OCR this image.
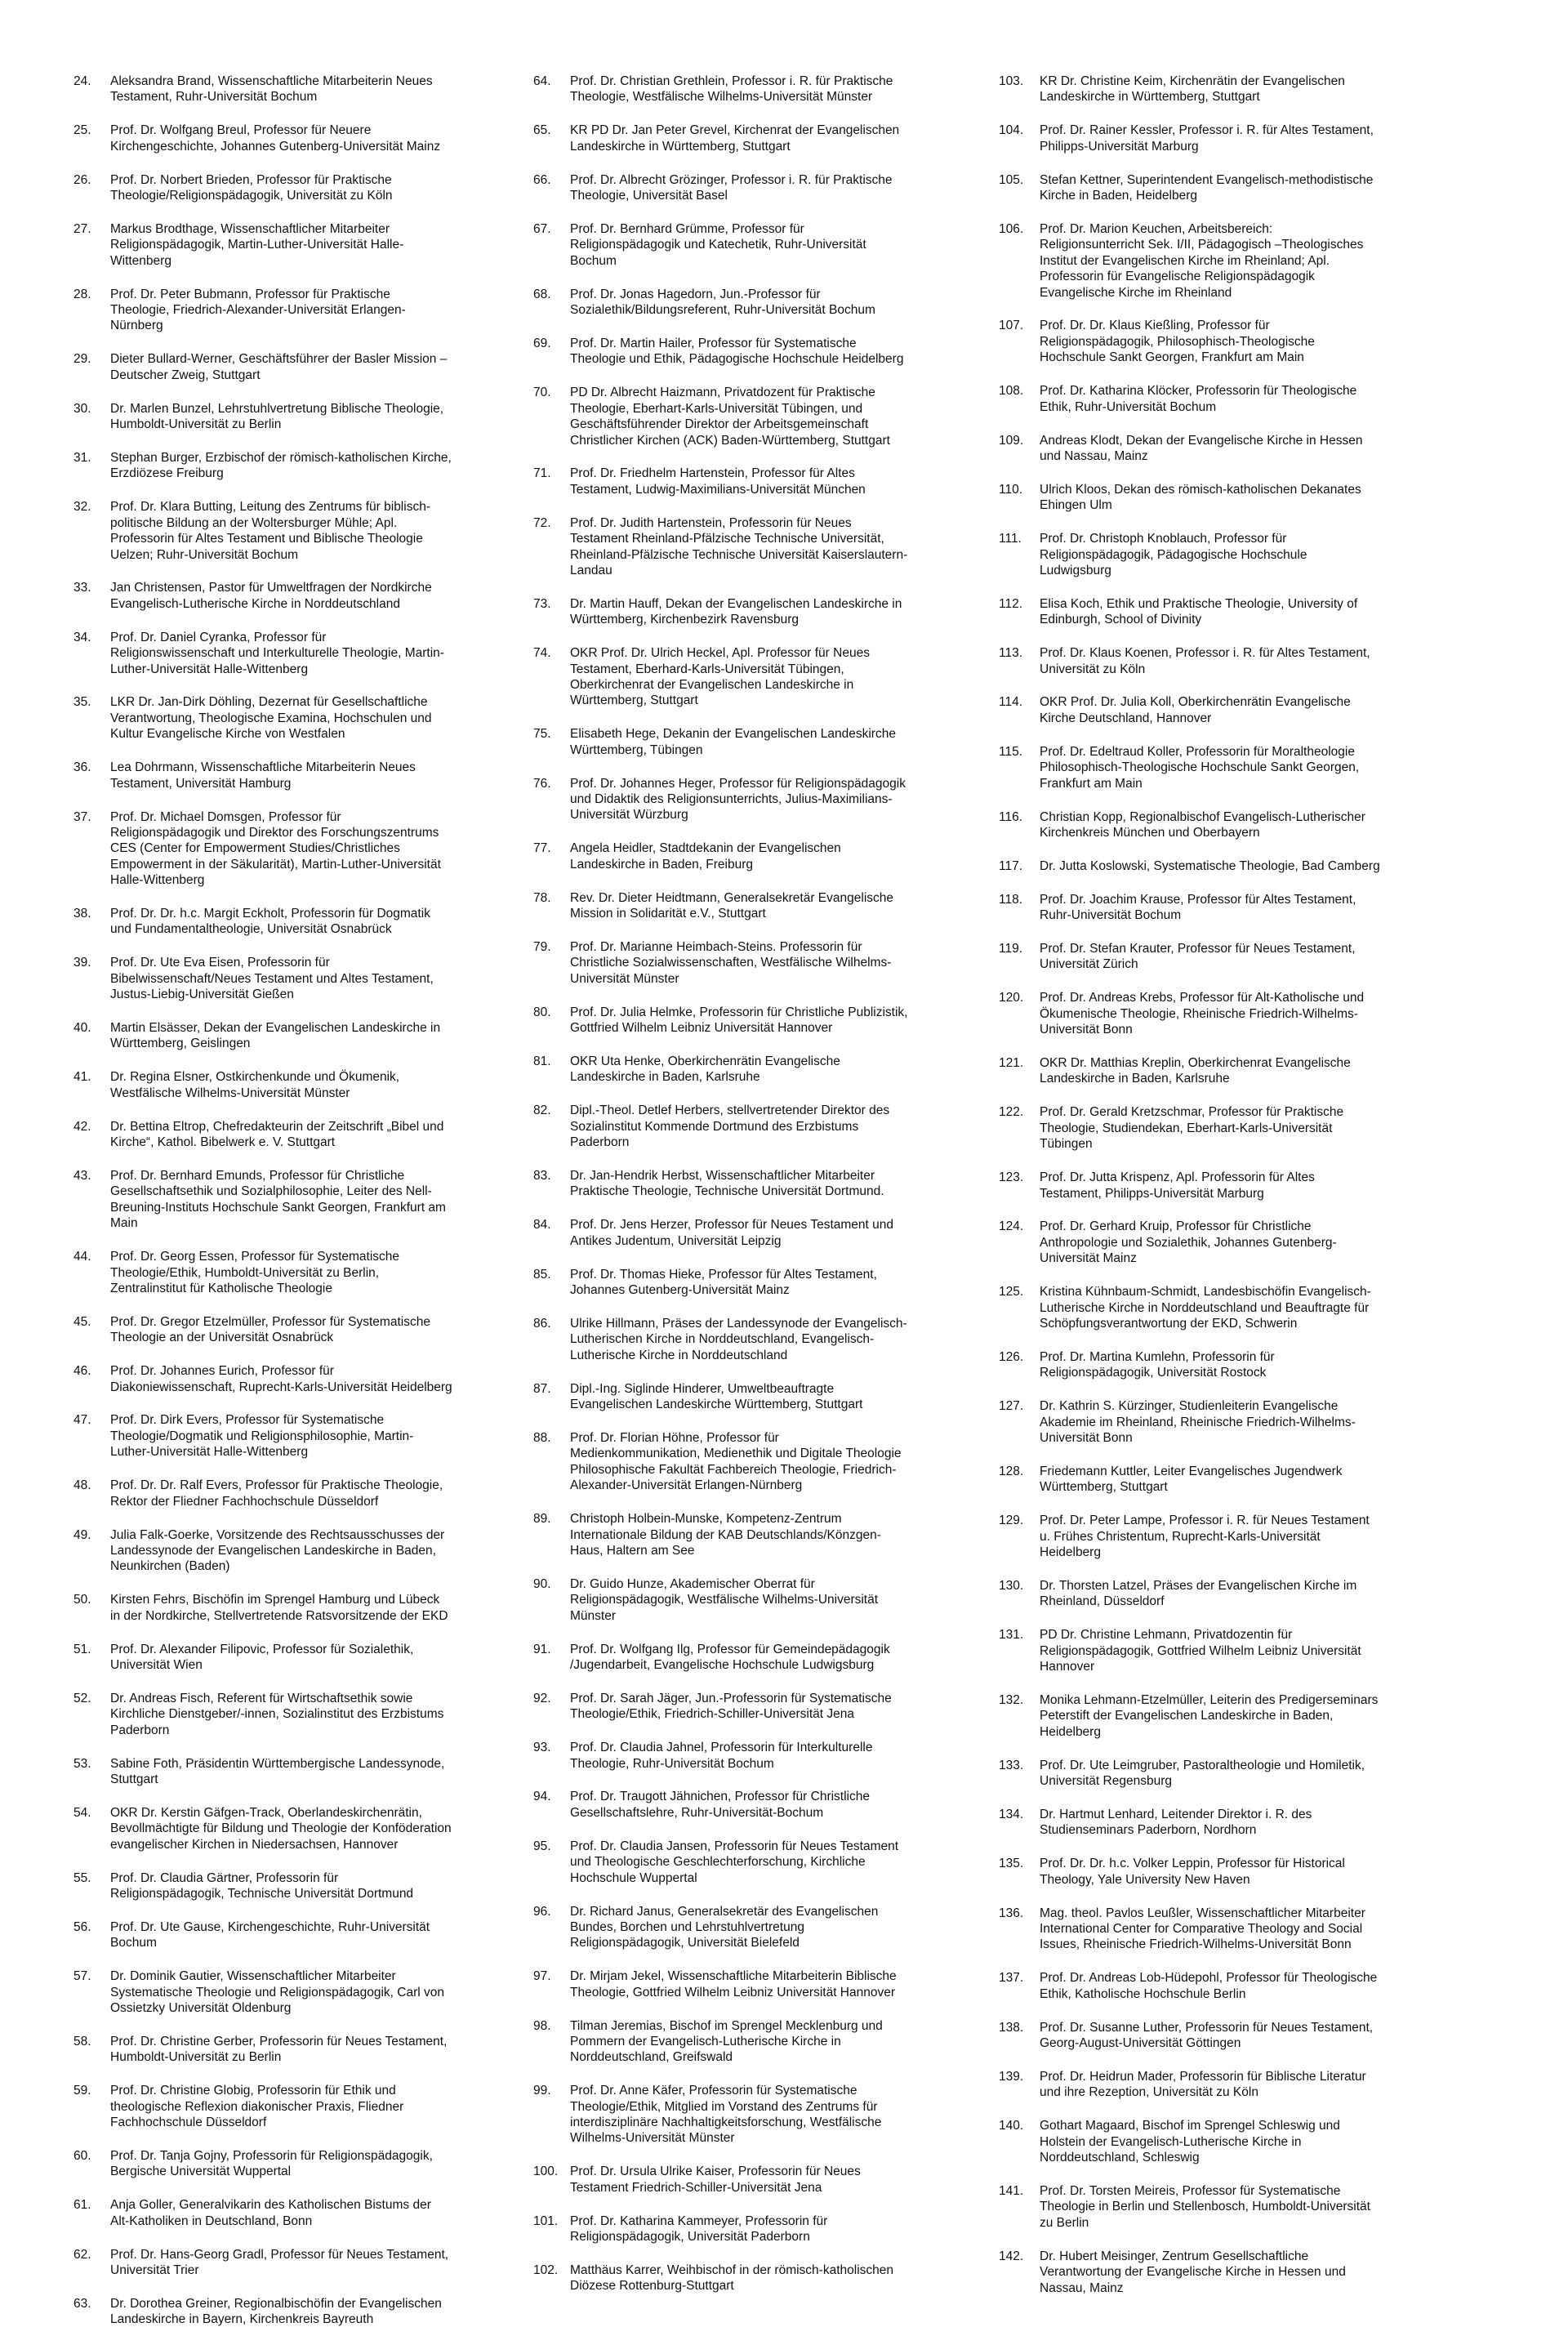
24.	Aleksandra Brand, Wissenschaftliche Mitarbeiterin Neues
Testament, Ruhr-Universität Bochum
25.	Prof. Dr. Wolfgang Breul, Professor für Neuere
Kirchengeschichte, Johannes Gutenberg-Universität Mainz
26.	Prof. Dr. Norbert Brieden, Professor für Praktische
Theologie/Religionspädagogik, Universität zu Köln
27.	Markus Brodthage, Wissenschaftlicher Mitarbeiter
Religionspädagogik, Martin-Luther-Universität Halle-
Wittenberg
28.	Prof. Dr. Peter Bubmann, Professor für Praktische
Theologie, Friedrich-Alexander-Universität Erlangen-
Nürnberg
29.	Dieter Bullard-Werner, Geschäftsführer der Basler Mission –
Deutscher Zweig, Stuttgart
30.	Dr. Marlen Bunzel, Lehrstuhlvertretung Biblische Theologie,
Humboldt-Universität zu Berlin
31.	Stephan Burger, Erzbischof der römisch-katholischen Kirche,
Erzdiözese Freiburg
32.	Prof. Dr. Klara Butting, Leitung des Zentrums für biblisch-
politische Bildung an der Woltersburger Mühle; Apl.
Professorin für Altes Testament und Biblische Theologie
Uelzen; Ruhr-Universität Bochum
33.	Jan Christensen, Pastor für Umweltfragen der Nordkirche
Evangelisch-Lutherische Kirche in Norddeutschland
34.	Prof. Dr. Daniel Cyranka, Professor für
Religionswissenschaft und Interkulturelle Theologie, Martin-
Luther-Universität Halle-Wittenberg
35.	LKR Dr. Jan-Dirk Döhling, Dezernat für Gesellschaftliche
Verantwortung, Theologische Examina, Hochschulen und
Kultur Evangelische Kirche von Westfalen
36.	Lea Dohrmann, Wissenschaftliche Mitarbeiterin Neues
Testament, Universität Hamburg
37.	Prof. Dr. Michael Domsgen, Professor für
Religionspädagogik und Direktor des Forschungszentrums
CES (Center for Empowerment Studies/Christliches
Empowerment in der Säkularität), Martin-Luther-Universität
Halle-Wittenberg
38.	Prof. Dr. Dr. h.c. Margit Eckholt, Professorin für Dogmatik
und Fundamentaltheologie, Universität Osnabrück
39.	Prof. Dr. Ute Eva Eisen, Professorin für
Bibelwissenschaft/Neues Testament und Altes Testament,
Justus-Liebig-Universität Gießen
40.	Martin Elsässer, Dekan der Evangelischen Landeskirche in
Württemberg, Geislingen
41.	Dr. Regina Elsner, Ostkirchenkunde und Ökumenik,
Westfälische Wilhelms-Universität Münster
42.	Dr. Bettina Eltrop, Chefredakteurin der Zeitschrift „Bibel und
Kirche“, Kathol. Bibelwerk e. V. Stuttgart
43.	Prof. Dr. Bernhard Emunds, Professor für Christliche
Gesellschaftsethik und Sozialphilosophie, Leiter des Nell-
Breuning-Instituts Hochschule Sankt Georgen, Frankfurt am
Main
44.	Prof. Dr. Georg Essen, Professor für Systematische
Theologie/Ethik, Humboldt-Universität zu Berlin,
Zentralinstitut für Katholische Theologie
45.	Prof. Dr. Gregor Etzelmüller, Professor für Systematische
Theologie an der Universität Osnabrück
46.	Prof. Dr. Johannes Eurich, Professor für
Diakoniewissenschaft, Ruprecht-Karls-Universität Heidelberg
47.	Prof. Dr. Dirk Evers, Professor für Systematische
Theologie/Dogmatik und Religionsphilosophie, Martin-
Luther-Universität Halle-Wittenberg
48.	Prof. Dr. Dr. Ralf Evers, Professor für Praktische Theologie,
Rektor der Fliedner Fachhochschule Düsseldorf
49.	Julia Falk-Goerke, Vorsitzende des Rechtsausschusses der
Landessynode der Evangelischen Landeskirche in Baden,
Neunkirchen (Baden)
50.	Kirsten Fehrs, Bischöfin im Sprengel Hamburg und Lübeck
in der Nordkirche, Stellvertretende Ratsvorsitzende der EKD
51.	Prof. Dr. Alexander Filipovic, Professor für Sozialethik,
Universität Wien
52.	Dr. Andreas Fisch, Referent für Wirtschaftsethik sowie
Kirchliche Dienstgeber/-innen, Sozialinstitut des Erzbistums
Paderborn
53.	Sabine Foth, Präsidentin Württembergische Landessynode,
Stuttgart
54.	OKR Dr. Kerstin Gäfgen-Track, Oberlandeskirchenrätin,
Bevollmächtigte für Bildung und Theologie der Konföderation
evangelischer Kirchen in Niedersachsen, Hannover
55.	Prof. Dr. Claudia Gärtner, Professorin für
Religionspädagogik, Technische Universität Dortmund
56.	Prof. Dr. Ute Gause, Kirchengeschichte, Ruhr-Universität
Bochum
57.	Dr. Dominik Gautier, Wissenschaftlicher Mitarbeiter
Systematische Theologie und Religionspädagogik, Carl von
Ossietzky Universität Oldenburg
58.	Prof. Dr. Christine Gerber, Professorin für Neues Testament,
Humboldt-Universität zu Berlin
59.	Prof. Dr. Christine Globig, Professorin für Ethik und
theologische Reflexion diakonischer Praxis, Fliedner
Fachhochschule Düsseldorf
60.	Prof. Dr. Tanja Gojny, Professorin für Religionspädagogik,
Bergische Universität Wuppertal
61.	Anja Goller, Generalvikarin des Katholischen Bistums der
Alt-Katholiken in Deutschland, Bonn
62.	Prof. Dr. Hans-Georg Gradl, Professor für Neues Testament,
Universität Trier
63.	Dr. Dorothea Greiner, Regionalbischöfin der Evangelischen
Landeskirche in Bayern, Kirchenkreis Bayreuth
64.	Prof. Dr. Christian Grethlein, Professor i. R. für Praktische
Theologie, Westfälische Wilhelms-Universität Münster
65.	KR PD Dr. Jan Peter Grevel, Kirchenrat der Evangelischen
Landeskirche in Württemberg, Stuttgart
66.	Prof. Dr. Albrecht Grözinger, Professor i. R. für Praktische
Theologie, Universität Basel
67.	Prof. Dr. Bernhard Grümme, Professor für
Religionspädagogik und Katechetik, Ruhr-Universität
Bochum
68.	Prof. Dr. Jonas Hagedorn, Jun.-Professor für
Sozialethik/Bildungsreferent, Ruhr-Universität Bochum
69.	Prof. Dr. Martin Hailer, Professor für Systematische
Theologie und Ethik, Pädagogische Hochschule Heidelberg
70.	PD Dr. Albrecht Haizmann, Privatdozent für Praktische
Theologie, Eberhart-Karls-Universität Tübingen, und
Geschäftsführender Direktor der Arbeitsgemeinschaft
Christlicher Kirchen (ACK) Baden-Württemberg, Stuttgart
71.	Prof. Dr. Friedhelm Hartenstein, Professor für Altes
Testament, Ludwig-Maximilians-Universität München
72.	Prof. Dr. Judith Hartenstein, Professorin für Neues
Testament Rheinland-Pfälzische Technische Universität,
Rheinland-Pfälzische Technische Universität Kaiserslautern-
Landau
73.	Dr. Martin Hauff, Dekan der Evangelischen Landeskirche in
Württemberg, Kirchenbezirk Ravensburg
74.	OKR Prof. Dr. Ulrich Heckel, Apl. Professor für Neues
Testament, Eberhard-Karls-Universität Tübingen,
Oberkirchenrat der Evangelischen Landeskirche in
Württemberg, Stuttgart
75.	Elisabeth Hege, Dekanin der Evangelischen Landeskirche
Württemberg, Tübingen
76.	Prof. Dr. Johannes Heger, Professor für Religionspädagogik
und Didaktik des Religionsunterrichts, Julius-Maximilians-
Universität Würzburg
77.	Angela Heidler, Stadtdekanin der Evangelischen
Landeskirche in Baden, Freiburg
78.	Rev. Dr. Dieter Heidtmann, Generalsekretär Evangelische
Mission in Solidarität e.V., Stuttgart
79.	Prof. Dr. Marianne Heimbach-Steins. Professorin für
Christliche Sozialwissenschaften, Westfälische Wilhelms-
Universität Münster
80.	Prof. Dr. Julia Helmke, Professorin für Christliche Publizistik,
Gottfried Wilhelm Leibniz Universität Hannover
81.	OKR Uta Henke, Oberkirchenrätin Evangelische
Landeskirche in Baden, Karlsruhe
82.	Dipl.-Theol. Detlef Herbers, stellvertretender Direktor des
Sozialinstitut Kommende Dortmund des Erzbistums
Paderborn
83.	Dr. Jan-Hendrik Herbst, Wissenschaftlicher Mitarbeiter
Praktische Theologie, Technische Universität Dortmund.
84.	Prof. Dr. Jens Herzer, Professor für Neues Testament und
Antikes Judentum, Universität Leipzig
85.	Prof. Dr. Thomas Hieke, Professor für Altes Testament,
Johannes Gutenberg-Universität Mainz
86.	Ulrike Hillmann, Präses der Landessynode der Evangelisch-
Lutherischen Kirche in Norddeutschland, Evangelisch-
Lutherische Kirche in Norddeutschland
87.	Dipl.-Ing. Siglinde Hinderer, Umweltbeauftragte
Evangelischen Landeskirche Württemberg, Stuttgart
88.	Prof. Dr. Florian Höhne, Professor für
Medienkommunikation, Medienethik und Digitale Theologie
Philosophische Fakultät Fachbereich Theologie, Friedrich-
Alexander-Universität Erlangen-Nürnberg
89.	Christoph Holbein-Munske, Kompetenz-Zentrum
Internationale Bildung der KAB Deutschlands/Könzgen-
Haus, Haltern am See
90.	Dr. Guido Hunze, Akademischer Oberrat für
Religionspädagogik, Westfälische Wilhelms-Universität
Münster
91.	Prof. Dr. Wolfgang Ilg, Professor für Gemeindepädagogik
/Jugendarbeit, Evangelische Hochschule Ludwigsburg
92.	Prof. Dr. Sarah Jäger, Jun.-Professorin für Systematische
Theologie/Ethik, Friedrich-Schiller-Universität Jena
93.	Prof. Dr. Claudia Jahnel, Professorin für Interkulturelle
Theologie, Ruhr-Universität Bochum
94.	Prof. Dr. Traugott Jähnichen, Professor für Christliche
Gesellschaftslehre, Ruhr-Universität-Bochum
95.	Prof. Dr. Claudia Jansen, Professorin für Neues Testament
und Theologische Geschlechterforschung, Kirchliche
Hochschule Wuppertal
96.	Dr. Richard Janus, Generalsekretär des Evangelischen
Bundes, Borchen und Lehrstuhlvertretung
Religionspädagogik, Universität Bielefeld
97.	Dr. Mirjam Jekel, Wissenschaftliche Mitarbeiterin Biblische
Theologie, Gottfried Wilhelm Leibniz Universität Hannover
98.	Tilman Jeremias, Bischof im Sprengel Mecklenburg und
Pommern der Evangelisch-Lutherische Kirche in
Norddeutschland, Greifswald
99.	Prof. Dr. Anne Käfer, Professorin für Systematische
Theologie/Ethik, Mitglied im Vorstand des Zentrums für
interdisziplinäre Nachhaltigkeitsforschung, Westfälische
Wilhelms-Universität Münster
100. Prof. Dr. Ursula Ulrike Kaiser, Professorin für Neues
Testament Friedrich-Schiller-Universität Jena
101. Prof. Dr. Katharina Kammeyer, Professorin für
Religionspädagogik, Universität Paderborn
102. Matthäus Karrer, Weihbischof in der römisch-katholischen
Diözese Rottenburg-Stuttgart
103.	KR Dr. Christine Keim, Kirchenrätin der Evangelischen
Landeskirche in Württemberg, Stuttgart
104.	Prof. Dr. Rainer Kessler, Professor i. R. für Altes Testament,
Philipps-Universität Marburg
105.	Stefan Kettner, Superintendent Evangelisch-methodistische
Kirche in Baden, Heidelberg
106.	Prof. Dr. Marion Keuchen, Arbeitsbereich:
Religionsunterricht Sek. I/II, Pädagogisch –Theologisches
Institut der Evangelischen Kirche im Rheinland; Apl.
Professorin für Evangelische Religionspädagogik
Evangelische Kirche im Rheinland
107.	Prof. Dr. Dr. Klaus Kießling, Professor für
Religionspädagogik, Philosophisch-Theologische
Hochschule Sankt Georgen, Frankfurt am Main
108.	Prof. Dr. Katharina Klöcker, Professorin für Theologische
Ethik, Ruhr-Universität Bochum
109.	Andreas Klodt, Dekan der Evangelische Kirche in Hessen
und Nassau, Mainz
110.	Ulrich Kloos, Dekan des römisch-katholischen Dekanates
Ehingen Ulm
111.	Prof. Dr. Christoph Knoblauch, Professor für
Religionspädagogik, Pädagogische Hochschule
Ludwigsburg
112.	Elisa Koch, Ethik und Praktische Theologie, University of
Edinburgh, School of Divinity
113.	Prof. Dr. Klaus Koenen, Professor i. R. für Altes Testament,
Universität zu Köln
114.	OKR Prof. Dr. Julia Koll, Oberkirchenrätin Evangelische
Kirche Deutschland, Hannover
115.	Prof. Dr. Edeltraud Koller, Professorin für Moraltheologie
Philosophisch-Theologische Hochschule Sankt Georgen,
Frankfurt am Main
116.	Christian Kopp, Regionalbischof Evangelisch-Lutherischer
Kirchenkreis München und Oberbayern
117.	Dr. Jutta Koslowski, Systematische Theologie, Bad Camberg
118.	Prof. Dr. Joachim Krause, Professor für Altes Testament,
Ruhr-Universität Bochum
119.	Prof. Dr. Stefan Krauter, Professor für Neues Testament,
Universität Zürich
120.	Prof. Dr. Andreas Krebs, Professor für Alt-Katholische und
Ökumenische Theologie, Rheinische Friedrich-Wilhelms-
Universität Bonn
121.	OKR Dr. Matthias Kreplin, Oberkirchenrat Evangelische
Landeskirche in Baden, Karlsruhe
122.	Prof. Dr. Gerald Kretzschmar, Professor für Praktische
Theologie, Studiendekan, Eberhart-Karls-Universität
Tübingen
123.	Prof. Dr. Jutta Krispenz, Apl. Professorin für Altes
Testament, Philipps-Universität Marburg
124.	Prof. Dr. Gerhard Kruip, Professor für Christliche
Anthropologie und Sozialethik, Johannes Gutenberg-
Universität Mainz
125.	Kristina Kühnbaum-Schmidt, Landesbischöfin Evangelisch-
Lutherische Kirche in Norddeutschland und Beauftragte für
Schöpfungsverantwortung der EKD, Schwerin
126.	Prof. Dr. Martina Kumlehn, Professorin für
Religionspädagogik, Universität Rostock
127.	Dr. Kathrin S. Kürzinger, Studienleiterin Evangelische
Akademie im Rheinland, Rheinische Friedrich-Wilhelms-
Universität Bonn
128.	Friedemann Kuttler, Leiter Evangelisches Jugendwerk
Württemberg, Stuttgart
129.	Prof. Dr. Peter Lampe, Professor i. R. für Neues Testament
u. Frühes Christentum, Ruprecht-Karls-Universität
Heidelberg
130.	Dr. Thorsten Latzel, Präses der Evangelischen Kirche im
Rheinland, Düsseldorf
131.	PD Dr. Christine Lehmann, Privatdozentin für
Religionspädagogik, Gottfried Wilhelm Leibniz Universität
Hannover
132.	Monika Lehmann-Etzelmüller, Leiterin des Predigerseminars
Peterstift der Evangelischen Landeskirche in Baden,
Heidelberg
133.	Prof. Dr. Ute Leimgruber, Pastoraltheologie und Homiletik,
Universität Regensburg
134.	Dr. Hartmut Lenhard, Leitender Direktor i. R. des
Studienseminars Paderborn, Nordhorn
135.	Prof. Dr. Dr. h.c. Volker Leppin, Professor für Historical
Theology, Yale University New Haven
136.	Mag. theol. Pavlos Leußler, Wissenschaftlicher Mitarbeiter
International Center for Comparative Theology and Social
Issues, Rheinische Friedrich-Wilhelms-Universität Bonn
137.	Prof. Dr. Andreas Lob-Hüdepohl, Professor für Theologische
Ethik, Katholische Hochschule Berlin
138.	Prof. Dr. Susanne Luther, Professorin für Neues Testament,
Georg-August-Universität Göttingen
139.	Prof. Dr. Heidrun Mader, Professorin für Biblische Literatur
und ihre Rezeption, Universität zu Köln
140.	Gothart Magaard, Bischof im Sprengel Schleswig und
Holstein der Evangelisch-Lutherische Kirche in
Norddeutschland, Schleswig
141.	Prof. Dr. Torsten Meireis, Professor für Systematische
Theologie in Berlin und Stellenbosch, Humboldt-Universität
zu Berlin
142.	Dr. Hubert Meisinger, Zentrum Gesellschaftliche
Verantwortung der Evangelische Kirche in Hessen und
Nassau, Mainz
